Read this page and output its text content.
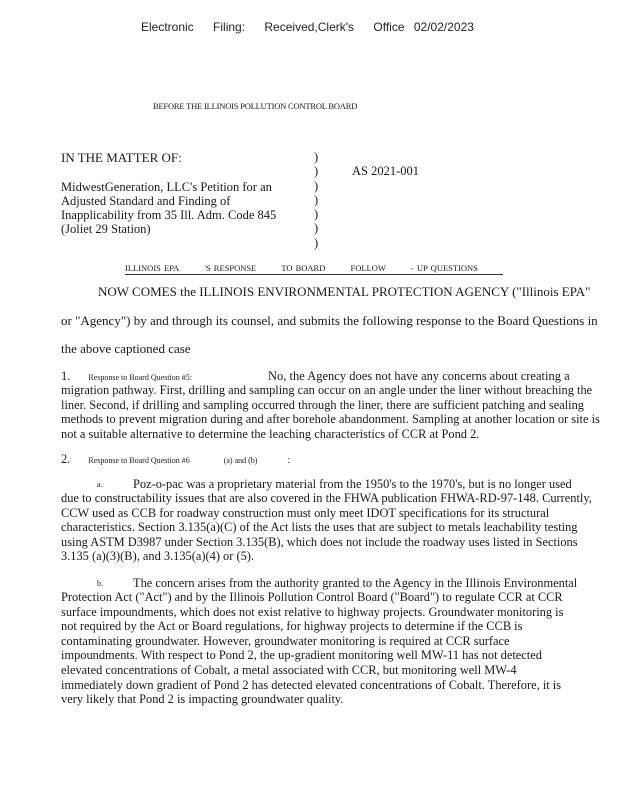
Electronic Filing: Received,Clerk's Office 02/02/2023
BEFORE THE ILLINOIS POLLUTION CONTROL BOARD
IN THE MATTER OF:
MidwestGeneration, LLC's Petition for an Adjusted Standard and Finding of Inapplicability from 35 Ill. Adm. Code 845 (Joliet 29 Station)
)
)
)
)
)
)
)
AS 2021-001
ILLINOIS EPA	'S RESPONSE	TO BOARD	FOLLOW	- UP QUESTIONS
NOW COMES the ILLINOIS ENVIRONMENTAL PROTECTION AGENCY ("Illinois EPA"
or "Agency") by and through its counsel, and submits the following response to the Board Questions in
the above captioned case
1. Response to Board Question #5:	No, the Agency does not have any concerns about creating a
migration pathway. First, drilling and sampling can occur on an angle under the liner without breaching the liner. Second, if drilling and sampling occurred through the liner, there are sufficient patching and sealing methods to prevent migration during and after borehole abandonment. Sampling at another location or site is not a suitable alternative to determine the leaching characteristics of CCR at Pond 2.
2. Response to Board Question #6	(a) and (b)	:
a. Poz-o-pac was a proprietary material from the 1950's to the 1970's, but is no longer used
due to constructability issues that are also covered in the FHWA publication FHWA-RD-97-148. Currently, CCW used as CCB for roadway construction must only meet IDOT specifications for its structural characteristics. Section 3.135(a)(C) of the Act lists the uses that are subject to metals leachability testing using ASTM D3987 under Section 3.135(B), which does not include the roadway uses listed in Sections 3.135 (a)(3)(B), and 3.135(a)(4) or (5).
b. The concern arises from the authority granted to the Agency in the Illinois Environmental
Protection Act ("Act") and by the Illinois Pollution Control Board ("Board") to regulate CCR at CCR surface impoundments, which does not exist relative to highway projects. Groundwater monitoring is not required by the Act or Board regulations, for highway projects to determine if the CCB is contaminating groundwater. However, groundwater monitoring is required at CCR surface impoundments. With respect to Pond 2, the up-gradient monitoring well MW-11 has not detected elevated concentrations of Cobalt, a metal associated with CCR, but monitoring well MW-4 immediately down gradient of Pond 2 has detected elevated concentrations of Cobalt. Therefore, it is very likely that Pond 2 is impacting groundwater quality.
